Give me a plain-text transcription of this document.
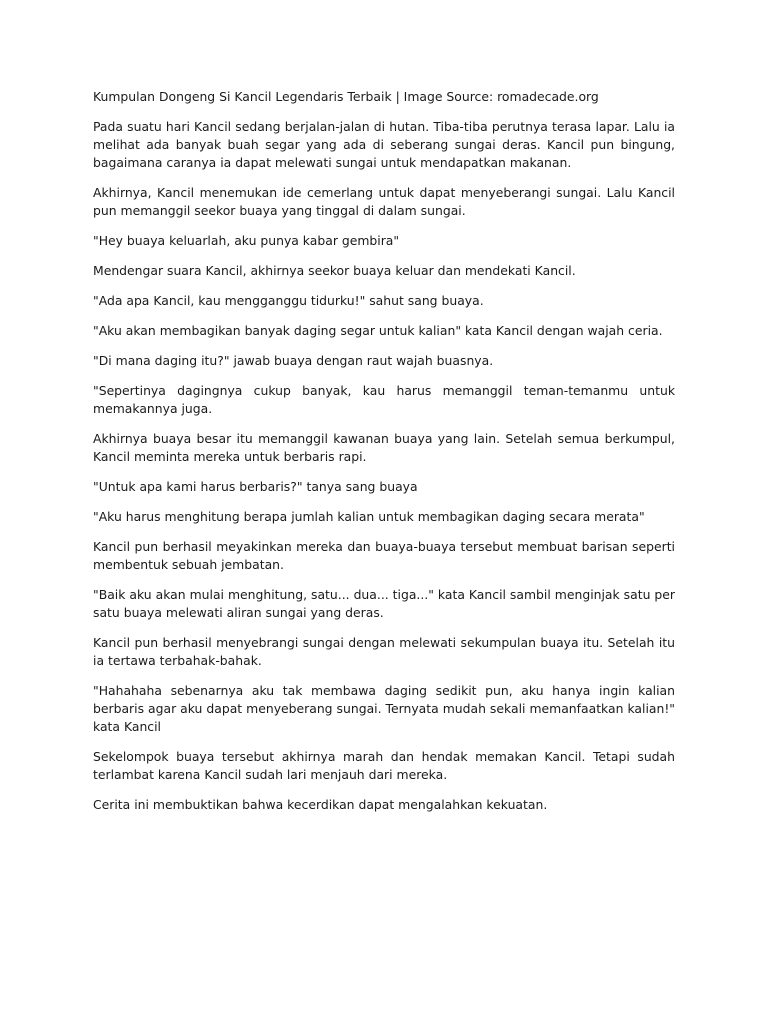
Kumpulan Dongeng Si Kancil Legendaris Terbaik | Image Source: romadecade.org

Pada suatu hari Kancil sedang berjalan-jalan di hutan. Tiba-tiba perutnya terasa lapar. Lalu ia melihat ada banyak buah segar yang ada di seberang sungai deras. Kancil pun bingung, bagaimana caranya ia dapat melewati sungai untuk mendapatkan makanan.

Akhirnya, Kancil menemukan ide cemerlang untuk dapat menyeberangi sungai. Lalu Kancil pun memanggil seekor buaya yang tinggal di dalam sungai.

"Hey buaya keluarlah, aku punya kabar gembira"

Mendengar suara Kancil, akhirnya seekor buaya keluar dan mendekati Kancil.

"Ada apa Kancil, kau mengganggu tidurku!" sahut sang buaya.

"Aku akan membagikan banyak daging segar untuk kalian" kata Kancil dengan wajah ceria.

"Di mana daging itu?" jawab buaya dengan raut wajah buasnya.

"Sepertinya dagingnya cukup banyak, kau harus memanggil teman-temanmu untuk memakannya juga.

Akhirnya buaya besar itu memanggil kawanan buaya yang lain. Setelah semua berkumpul, Kancil meminta mereka untuk berbaris rapi.

"Untuk apa kami harus berbaris?" tanya sang buaya

"Aku harus menghitung berapa jumlah kalian untuk membagikan daging secara merata"

Kancil pun berhasil meyakinkan mereka dan buaya-buaya tersebut membuat barisan seperti membentuk sebuah jembatan.

"Baik aku akan mulai menghitung, satu... dua... tiga..." kata Kancil sambil menginjak satu per satu buaya melewati aliran sungai yang deras.

Kancil pun berhasil menyebrangi sungai dengan melewati sekumpulan buaya itu. Setelah itu ia tertawa terbahak-bahak.

"Hahahaha sebenarnya aku tak membawa daging sedikit pun, aku hanya ingin kalian berbaris agar aku dapat menyeberang sungai. Ternyata mudah sekali memanfaatkan kalian!" kata Kancil

Sekelompok buaya tersebut akhirnya marah dan hendak memakan Kancil. Tetapi sudah terlambat karena Kancil sudah lari menjauh dari mereka.

Cerita ini membuktikan bahwa kecerdikan dapat mengalahkan kekuatan.
